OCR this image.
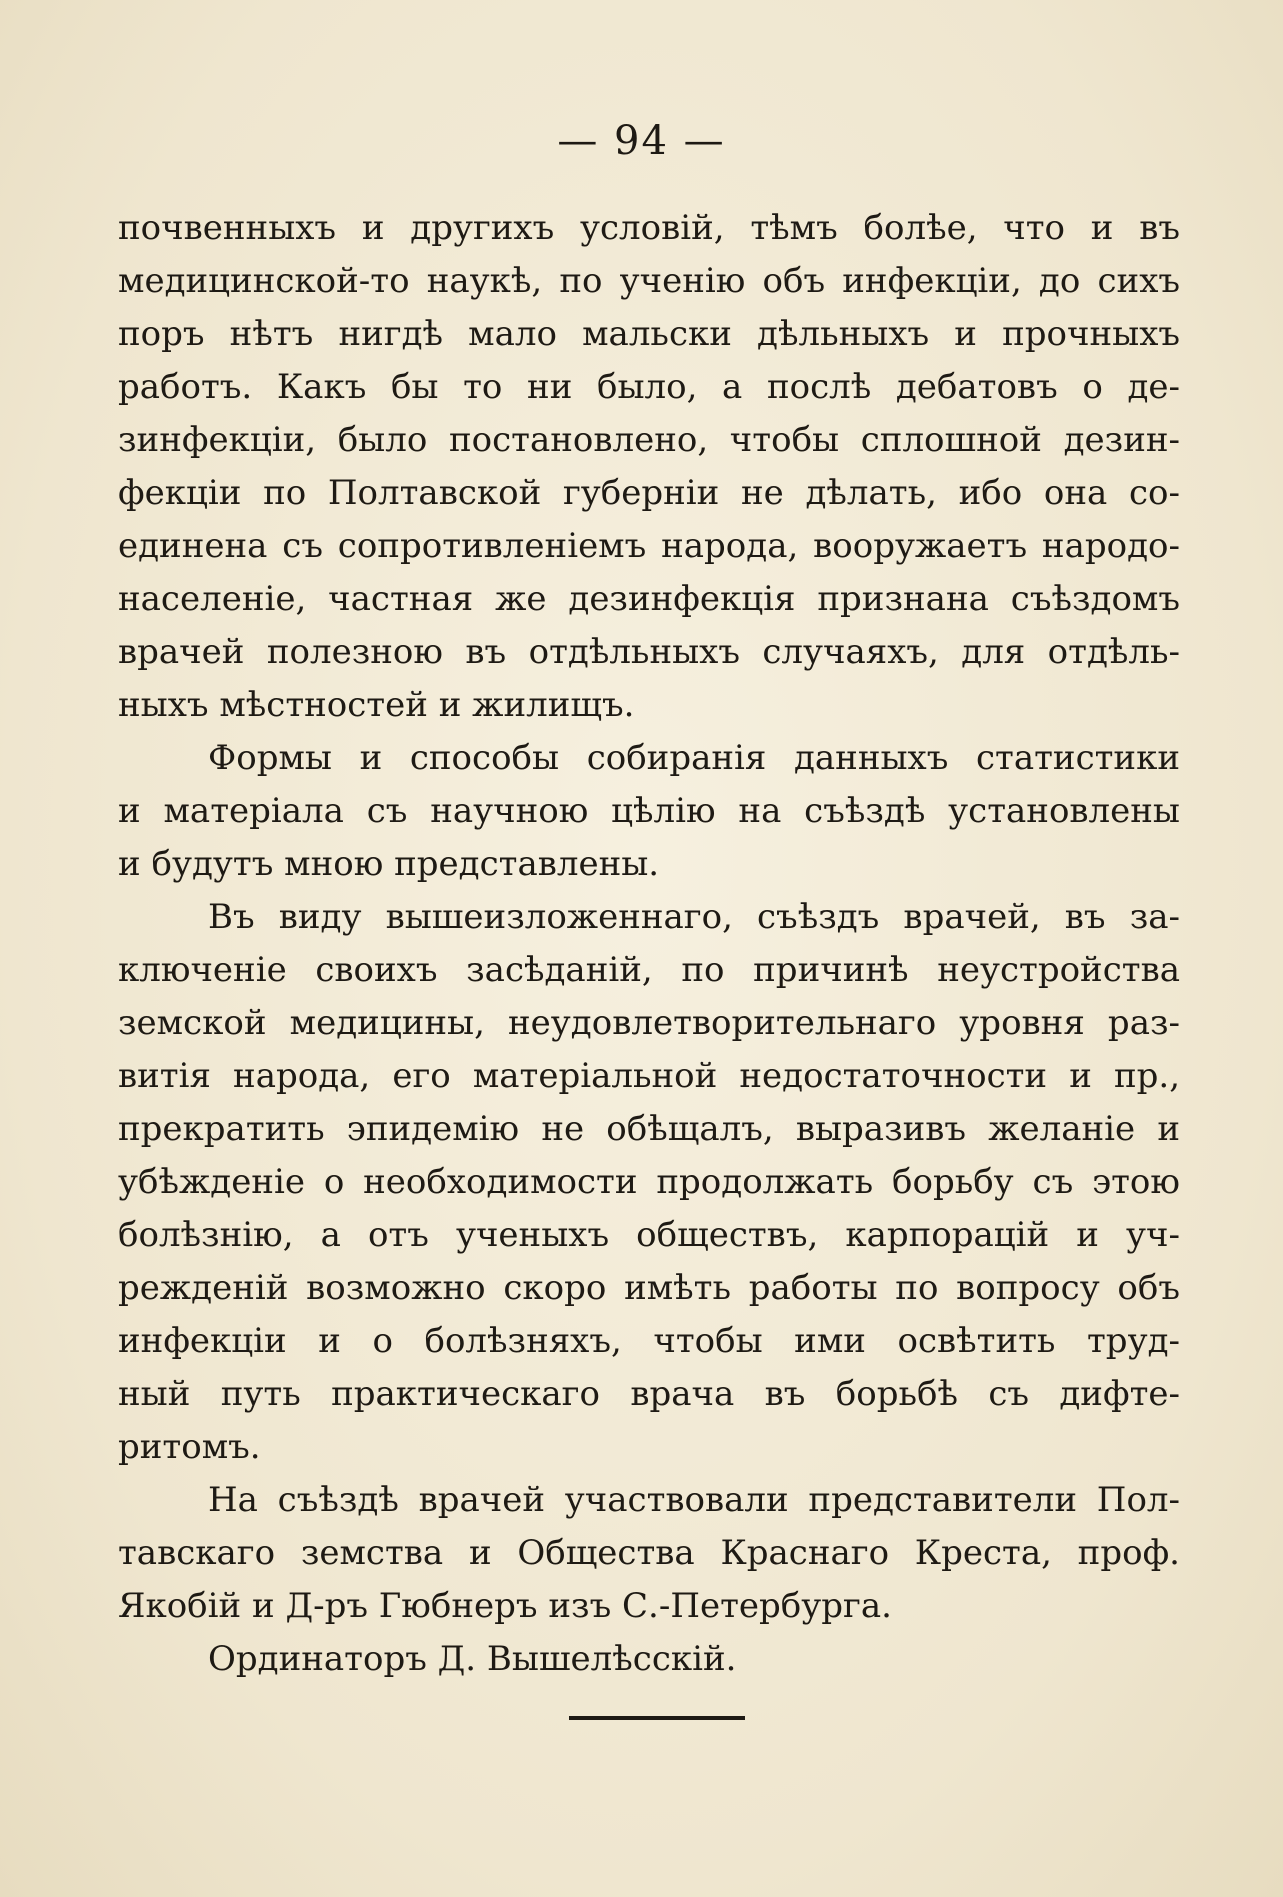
— 94 —
почвенныхъ и другихъ условiй, тѣмъ болѣе, что и въ
медицинской-то наукѣ, по ученiю объ инфекцiи, до сихъ
поръ нѣтъ нигдѣ мало мальски дѣльныхъ и прочныхъ
работъ. Какъ бы то ни было, а послѣ дебатовъ о де-
зинфекцiи, было постановлено, чтобы сплошной дезин-
фекцiи по Полтавской губернiи не дѣлать, ибо она со-
единена съ сопротивленiемъ народа, вооружаетъ народо-
населенiе, частная же дезинфекцiя признана съѣздомъ
врачей полезною въ отдѣльныхъ случаяхъ, для отдѣль-
ныхъ мѣстностей и жилищъ.
Формы и способы собиранiя данныхъ статистики
и матерiала съ научною цѣлiю на съѣздѣ установлены
и будутъ мною представлены.
Въ виду вышеизложеннаго, съѣздъ врачей, въ за-
ключенiе своихъ засѣданiй, по причинѣ неустройства
земской медицины, неудовлетворительнаго уровня раз-
витiя народа, его матерiальной недостаточности и пр.,
прекратить эпидемiю не обѣщалъ, выразивъ желанiе и
убѣжденiе о необходимости продолжать борьбу съ этою
болѣзнiю, а отъ ученыхъ обществъ, карпорацiй и уч-
режденiй возможно скоро имѣть работы по вопросу объ
инфекцiи и о болѣзняхъ, чтобы ими освѣтить труд-
ный путь практическаго врача въ борьбѣ съ дифте-
ритомъ.
На съѣздѣ врачей участвовали представители Пол-
тавскаго земства и Общества Краснаго Креста, проф.
Якобiй и Д-ръ Гюбнеръ изъ С.-Петербурга.
Ординаторъ Д. Вышелѣсскiй.
